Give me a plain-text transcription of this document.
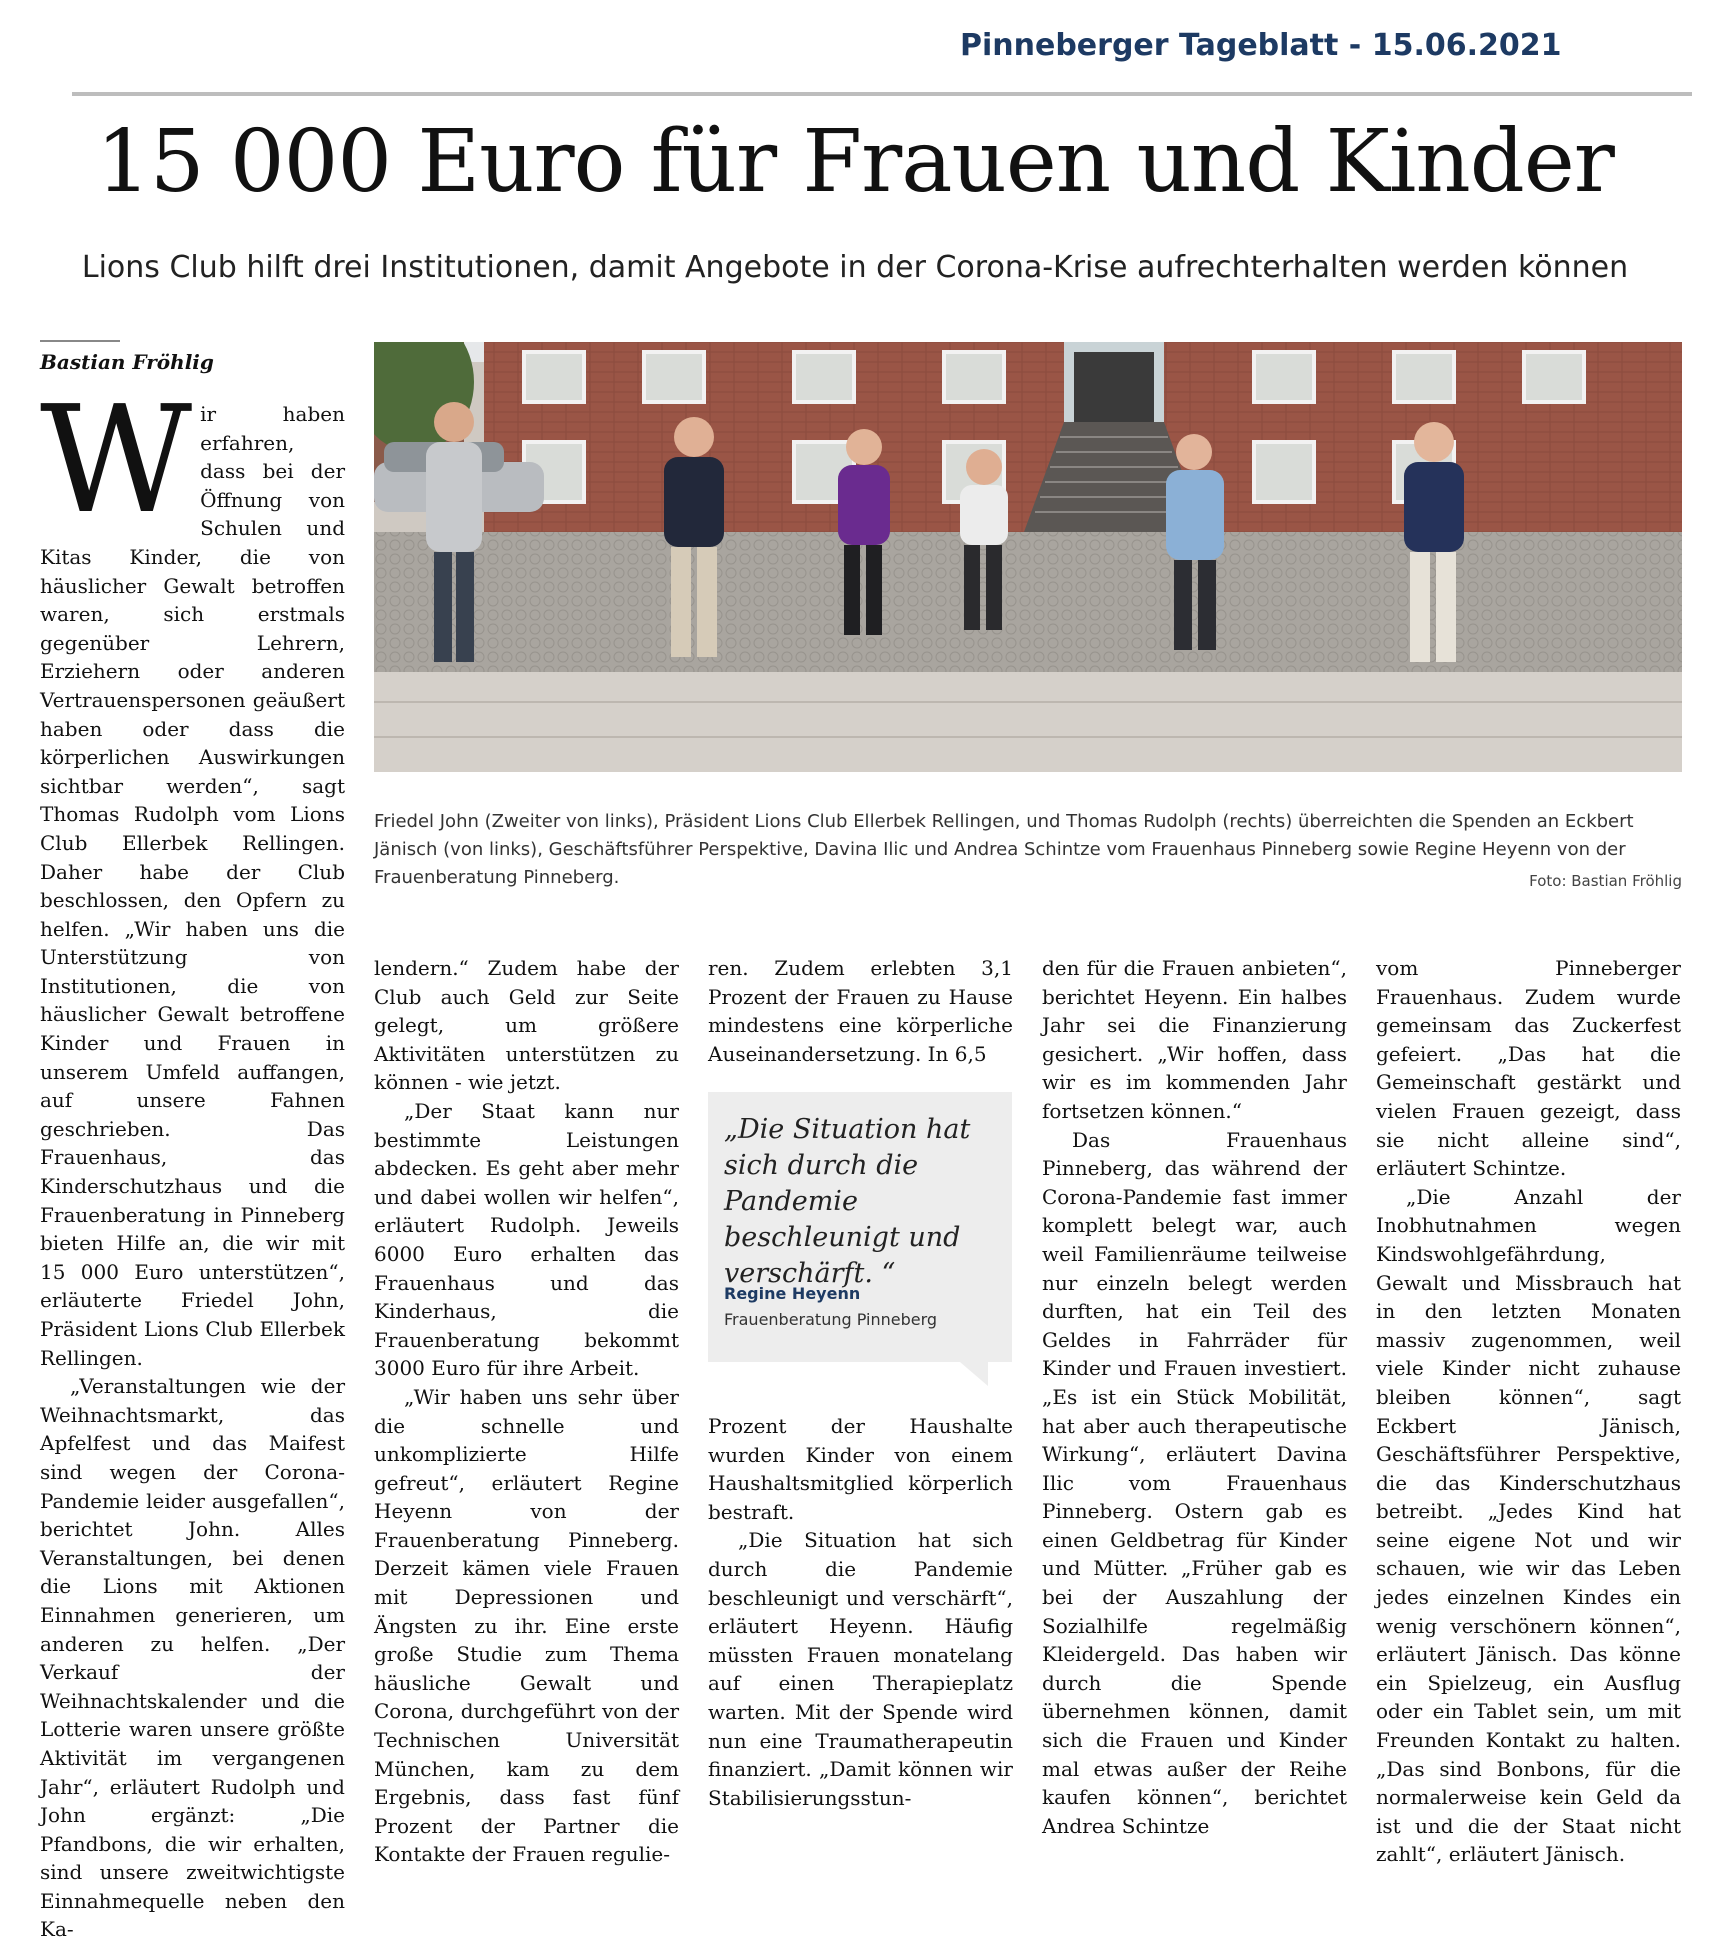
Pinneberger Tageblatt - 15.06.2021
15 000 Euro für Frauen und Kinder
Lions Club hilft drei Institutionen, damit Angebote in der Corona-Krise aufrechterhalten werden können
Bastian Fröhlig

Wir haben erfahren, dass bei der Öffnung von Schulen und Kitas Kinder, die von häuslicher Gewalt betroffen waren, sich erstmals gegenüber Lehrern, Erziehern oder anderen Vertrauenspersonen geäußert haben oder dass die körperlichen Auswirkungen sichtbar werden“, sagt Thomas Rudolph vom Lions Club Ellerbek Rellingen. Daher habe der Club beschlossen, den Opfern zu helfen. „Wir haben uns die Unterstützung von Institutionen, die von häuslicher Gewalt betroffene Kinder und Frauen in unserem Umfeld auffangen, auf unsere Fahnen geschrieben. Das Frauenhaus, das Kinderschutzhaus und die Frauenberatung in Pinneberg bieten Hilfe an, die wir mit 15 000 Euro unterstützen“, erläuterte Friedel John, Präsident Lions Club Ellerbek Rellingen.

„Veranstaltungen wie der Weihnachtsmarkt, das Apfelfest und das Maifest sind wegen der Corona-Pandemie leider ausgefallen“, berichtet John. Alles Veranstaltungen, bei denen die Lions mit Aktionen Einnahmen generieren, um anderen zu helfen. „Der Verkauf der Weihnachtskalender und die Lotterie waren unsere größte Aktivität im vergangenen Jahr“, erläutert Rudolph und John ergänzt: „Die Pfandbons, die wir erhalten, sind unsere zweitwichtigste Einnahmequelle neben den Ka-

Friedel John (Zweiter von links), Präsident Lions Club Ellerbek Rellingen, und Thomas Rudolph (rechts) überreichten die Spenden an Eckbert Jänisch (von links), Geschäftsführer Perspektive, Davina Ilic und Andrea Schintze vom Frauenhaus Pinneberg sowie Regine Heyenn von der Frauenberatung Pinneberg.	Foto: Bastian Fröhlig

lendern.“ Zudem habe der Club auch Geld zur Seite gelegt, um größere Aktivitäten unterstützen zu können - wie jetzt.

„Der Staat kann nur bestimmte Leistungen abdecken. Es geht aber mehr und dabei wollen wir helfen“, erläutert Rudolph. Jeweils 6000 Euro erhalten das Frauenhaus und das Kinderhaus, die Frauenberatung bekommt 3000 Euro für ihre Arbeit.

„Wir haben uns sehr über die schnelle und unkomplizierte Hilfe gefreut“, erläutert Regine Heyenn von der Frauenberatung Pinneberg. Derzeit kämen viele Frauen mit Depressionen und Ängsten zu ihr. Eine erste große Studie zum Thema häusliche Gewalt und Corona, durchgeführt von der Technischen Universität München, kam zu dem Ergebnis, dass fast fünf Prozent der Partner die Kontakte der Frauen regulie-

ren. Zudem erlebten 3,1 Prozent der Frauen zu Hause mindestens eine körperliche Auseinandersetzung. In 6,5

„Die Situation hat sich durch die Pandemie beschleunigt und verschärft. “
Regine Heyenn
Frauenberatung Pinneberg

Prozent der Haushalte wurden Kinder von einem Haushaltsmitglied körperlich bestraft.

„Die Situation hat sich durch die Pandemie beschleunigt und verschärft“, erläutert Heyenn. Häufig müssten Frauen monatelang auf einen Therapieplatz warten. Mit der Spende wird nun eine Traumatherapeutin finanziert. „Damit können wir Stabilisierungsstun-

den für die Frauen anbieten“, berichtet Heyenn. Ein halbes Jahr sei die Finanzierung gesichert. „Wir hoffen, dass wir es im kommenden Jahr fortsetzen können.“

Das Frauenhaus Pinneberg, das während der Corona-Pandemie fast immer komplett belegt war, auch weil Familienräume teilweise nur einzeln belegt werden durften, hat ein Teil des Geldes in Fahrräder für Kinder und Frauen investiert. „Es ist ein Stück Mobilität, hat aber auch therapeutische Wirkung“, erläutert Davina Ilic vom Frauenhaus Pinneberg. Ostern gab es einen Geldbetrag für Kinder und Mütter. „Früher gab es bei der Auszahlung der Sozialhilfe regelmäßig Kleidergeld. Das haben wir durch die Spende übernehmen können, damit sich die Frauen und Kinder mal etwas außer der Reihe kaufen können“, berichtet Andrea Schintze

vom Pinneberger Frauenhaus. Zudem wurde gemeinsam das Zuckerfest gefeiert. „Das hat die Gemeinschaft gestärkt und vielen Frauen gezeigt, dass sie nicht alleine sind“, erläutert Schintze.

„Die Anzahl der Inobhutnahmen wegen Kindswohlgefährdung, Gewalt und Missbrauch hat in den letzten Monaten massiv zugenommen, weil viele Kinder nicht zuhause bleiben können“, sagt Eckbert Jänisch, Geschäftsführer Perspektive, die das Kinderschutzhaus betreibt. „Jedes Kind hat seine eigene Not und wir schauen, wie wir das Leben jedes einzelnen Kindes ein wenig verschönern können“, erläutert Jänisch. Das könne ein Spielzeug, ein Ausflug oder ein Tablet sein, um mit Freunden Kontakt zu halten. „Das sind Bonbons, für die normalerweise kein Geld da ist und die der Staat nicht zahlt“, erläutert Jänisch.
